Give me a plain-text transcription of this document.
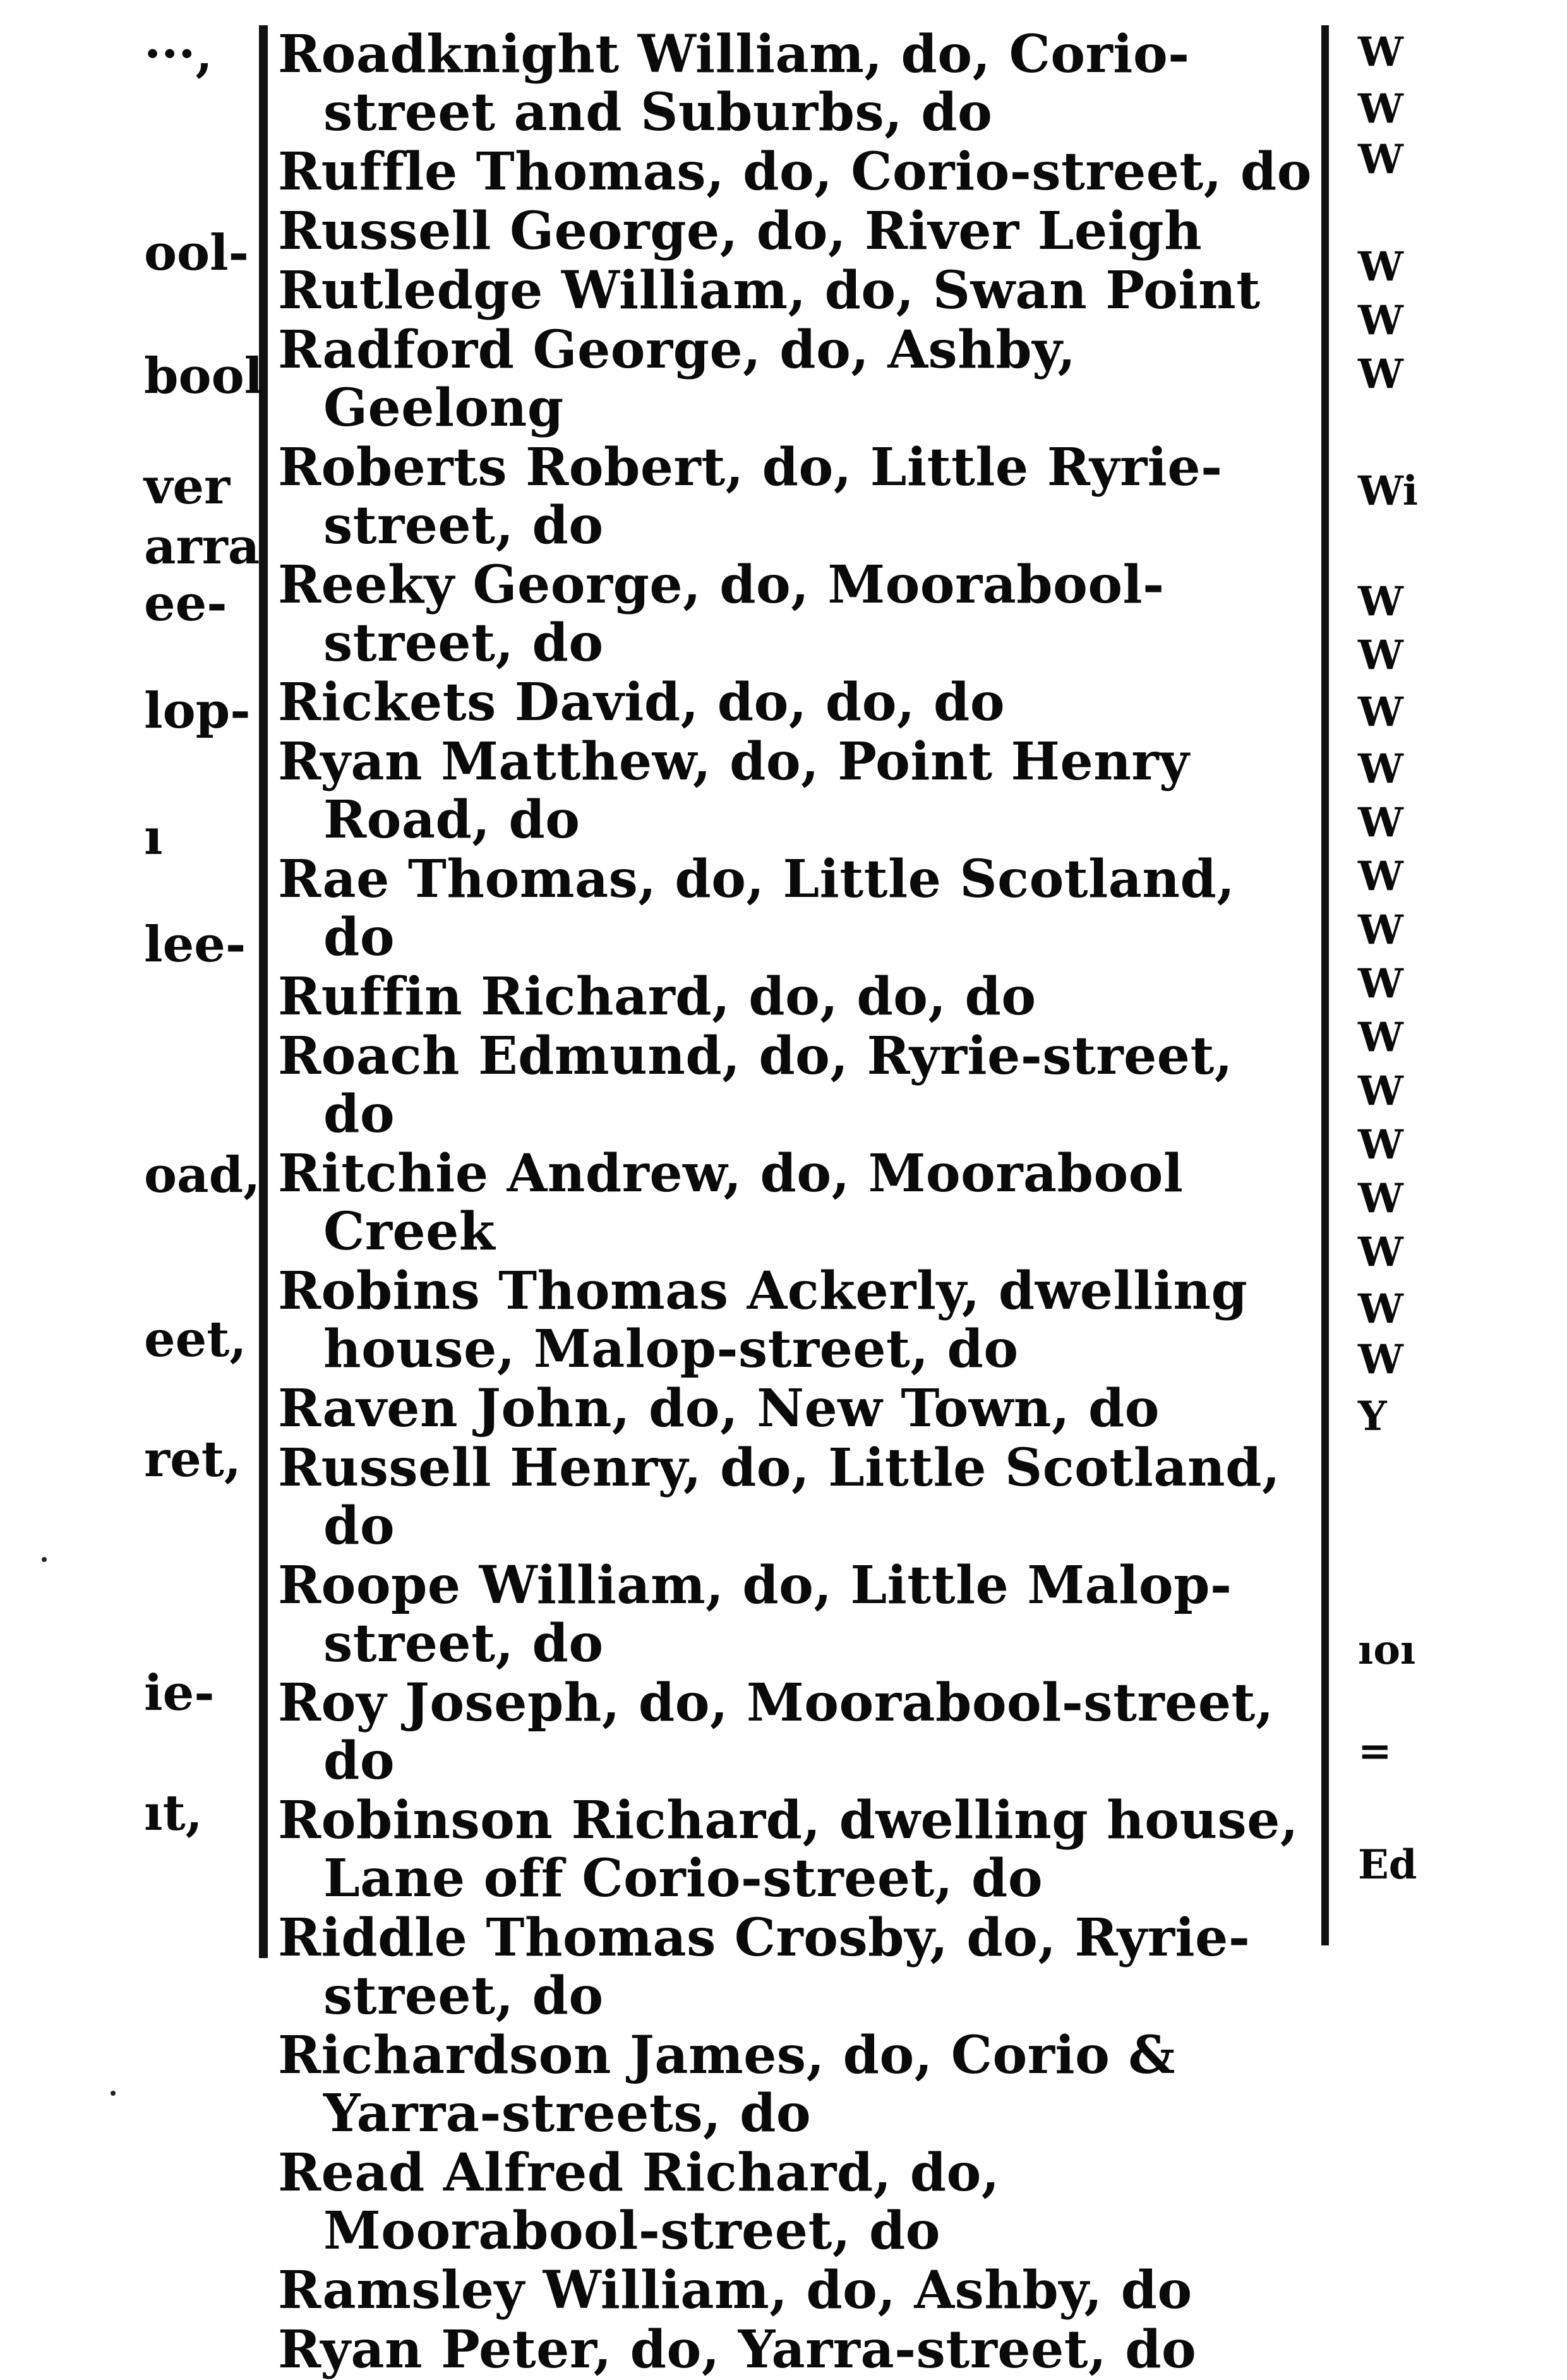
···,
ool-
bool
ver
arra
ee-
lop-
ı
lee-
oad,
eet,
ret,
ie-
ıt,
W
W
W
W
W
W
Wi
W
W
W
W
W
W
W
W
W
W
W
W
W
W
W
Y
ıoı
=
Ed

Roadknight William, do, Corio-street and Suburbs, do

Ruffle Thomas, do, Corio-street, do

Russell George, do, River Leigh

Rutledge William, do, Swan Point

Radford George, do, Ashby, Geelong

Roberts Robert, do, Little Ryrie-street, do

Reeky George, do, Moorabool-street, do

Rickets David, do, do, do

Ryan Matthew, do, Point Henry Road, do

Rae Thomas, do, Little Scotland, do

Ruffin Richard, do, do, do

Roach Edmund, do, Ryrie-street, do

Ritchie Andrew, do, Moorabool Creek

Robins Thomas Ackerly, dwelling house, Malop-street, do

Raven John, do, New Town, do

Russell Henry, do, Little Scotland, do

Roope William, do, Little Malop-street, do

Roy Joseph, do, Moorabool-street, do

Robinson Richard, dwelling house, Lane off Corio-street, do

Riddle Thomas Crosby, do, Ryrie-street, do

Richardson James, do, Corio & Yarra-streets, do

Read Alfred Richard, do, Moorabool-street, do

Ramsley William, do, Ashby, do

Ryan Peter, do, Yarra-street, do
